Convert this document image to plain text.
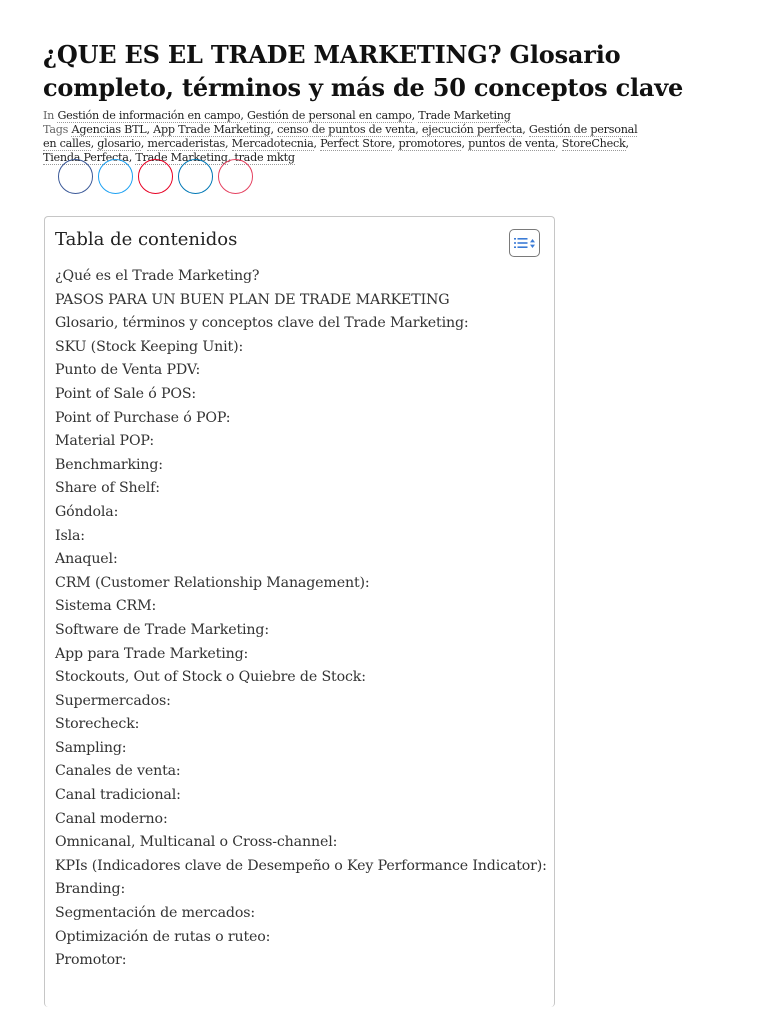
¿QUE ES EL TRADE MARKETING? Glosario completo, términos y más de 50 conceptos clave
In Gestión de información en campo, Gestión de personal en campo, Trade Marketing
Tags Agencias BTL, App Trade Marketing, censo de puntos de venta, ejecución perfecta, Gestión de personal en calles, glosario, mercaderistas, Mercadotecnia, Perfect Store, promotores, puntos de venta, StoreCheck, Tienda Perfecta, Trade Marketing, trade mktg
Tabla de contenidos
¿Qué es el Trade Marketing?
PASOS PARA UN BUEN PLAN DE TRADE MARKETING
Glosario, términos y conceptos clave del Trade Marketing:
SKU (Stock Keeping Unit):
Punto de Venta PDV:
Point of Sale ó POS:
Point of Purchase ó POP:
Material POP:
Benchmarking:
Share of Shelf:
Góndola:
Isla:
Anaquel:
CRM (Customer Relationship Management):
Sistema CRM:
Software de Trade Marketing:
App para Trade Marketing:
Stockouts, Out of Stock o Quiebre de Stock:
Supermercados:
Storecheck:
Sampling:
Canales de venta:
Canal tradicional:
Canal moderno:
Omnicanal, Multicanal o Cross-channel:
KPIs (Indicadores clave de Desempeño o Key Performance Indicator):
Branding:
Segmentación de mercados:
Optimización de rutas o ruteo:
Promotor:
